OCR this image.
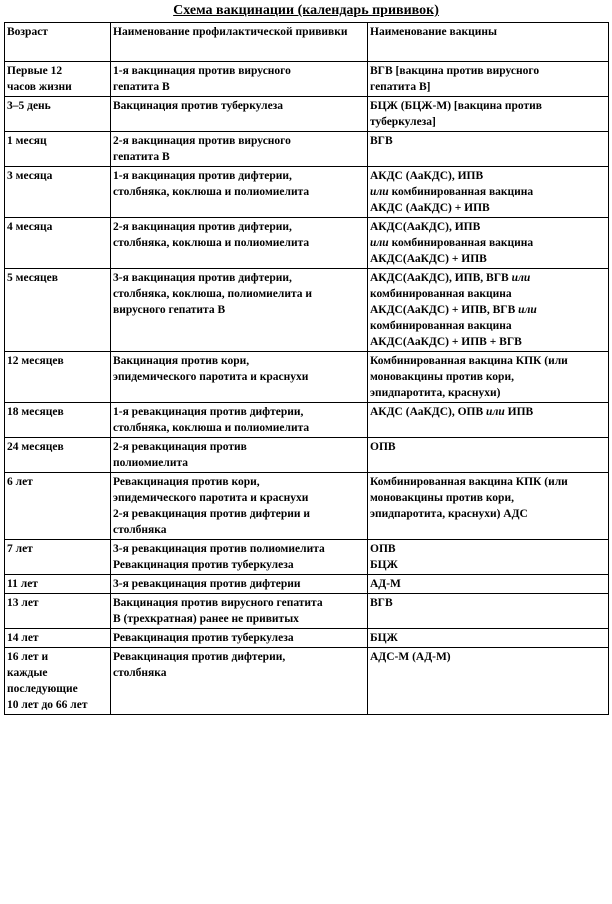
Схема вакцинации (календарь прививок)
Возраст	Наименование профилактической прививки	Наименование вакцины

Первые 12
часов жизни	1-я вакцинация против вирусного
гепатита В	ВГВ [вакцина против вирусного
гепатита В]

3–5 день	Вакцинация против туберкулеза	БЦЖ (БЦЖ-М) [вакцина против
туберкулеза]

1 месяц	2-я вакцинация против вирусного
гепатита В	ВГВ

3 месяца	1-я вакцинация против дифтерии,
столбняка, коклюша и полиомиелита	АКДС (АаКДС), ИПВ
или комбинированная вакцина
АКДС (АаКДС) + ИПВ

4 месяца	2-я вакцинация против дифтерии,
столбняка, коклюша и полиомиелита	АКДС(АаКДС), ИПВ
или комбинированная вакцина
АКДС(АаКДС) + ИПВ

5 месяцев	3-я вакцинация против дифтерии,
столбняка, коклюша, полиомиелита и
вирусного гепатита В	АКДС(АаКДС), ИПВ, ВГВ или
комбинированная вакцина
АКДС(АаКДС) + ИПВ, ВГВ или
комбинированная вакцина
АКДС(АаКДС) + ИПВ + ВГВ

12 месяцев	Вакцинация против кори,
эпидемического паротита и краснухи	Комбинированная вакцина КПК (или
моновакцины против кори,
эпидпаротита, краснухи)

18 месяцев	1-я ревакцинация против дифтерии,
столбняка, коклюша и полиомиелита	АКДС (АаКДС), ОПВ или ИПВ

24 месяцев	2-я ревакцинация против
полиомиелита	ОПВ

6 лет	Ревакцинация против кори,
эпидемического паротита и краснухи
2-я ревакцинация против дифтерии и
столбняка	Комбинированная вакцина КПК (или
моновакцины против кори,
эпидпаротита, краснухи) АДС

7 лет	3-я ревакцинация против полиомиелита
Ревакцинация против туберкулеза	ОПВ
БЦЖ

11 лет	3-я ревакцинация против дифтерии	АД-М

13 лет	Вакцинация против вирусного гепатита
В (трехкратная) ранее не привитых	ВГВ

14 лет	Ревакцинация против туберкулеза	БЦЖ

16 лет и
каждые
последующие
10 лет до 66 лет	Ревакцинация против дифтерии,
столбняка	АДС-М (АД-М)
